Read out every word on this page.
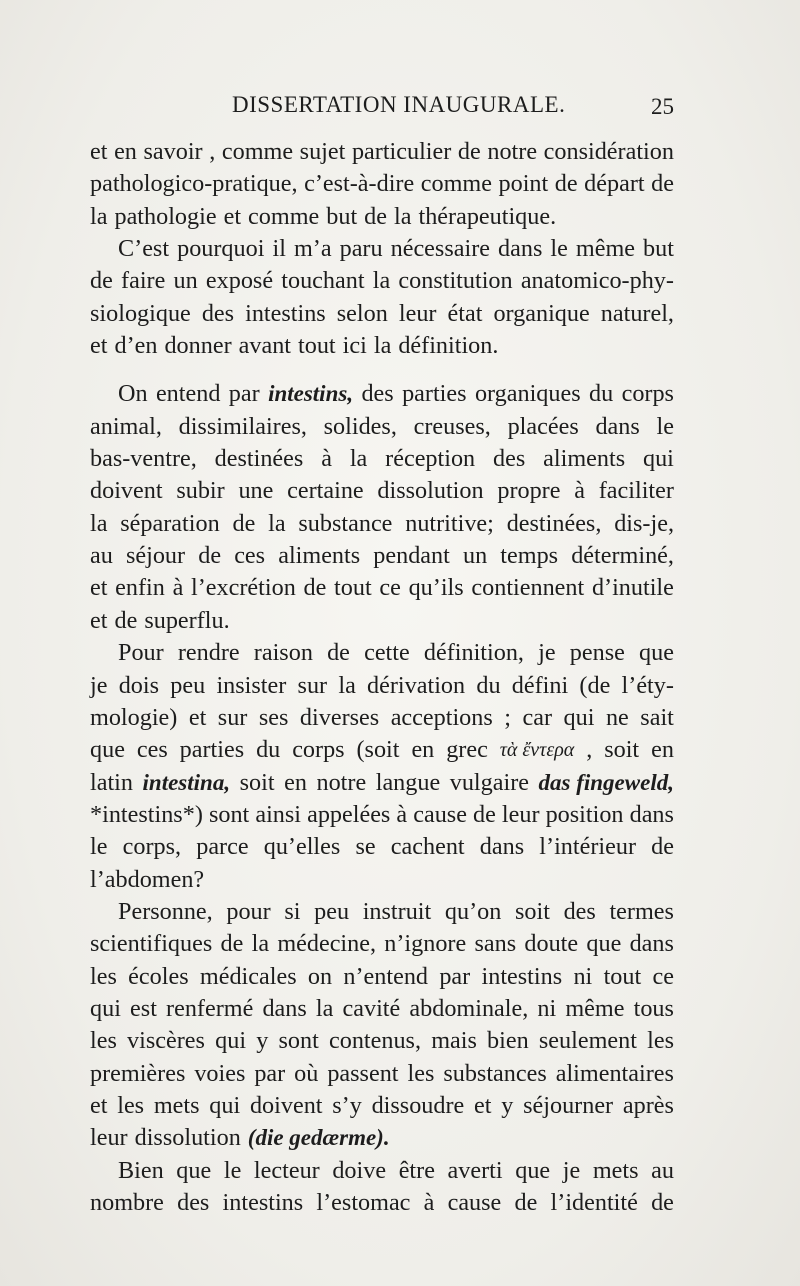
DISSERTATION INAUGURALE.	25
et en savoir , comme sujet particulier de notre considération
pathologico-pratique, c’est-à-dire comme point de départ de
la pathologie et comme but de la thérapeutique.
C’est pourquoi il m’a paru nécessaire dans le même but
de faire un exposé touchant la constitution anatomico-phy-
siologique des intestins selon leur état organique naturel,
et d’en donner avant tout ici la définition.
On entend par intestins, des parties organiques du corps
animal, dissimilaires, solides, creuses, placées dans le
bas-ventre, destinées à la réception des aliments qui
doivent subir une certaine dissolution propre à faciliter
la séparation de la substance nutritive; destinées, dis-je,
au séjour de ces aliments pendant un temps déterminé,
et enfin à l’excrétion de tout ce qu’ils contiennent d’inutile
et de superflu.
Pour rendre raison de cette définition, je pense que
je dois peu insister sur la dérivation du défini (de l’éty-
mologie) et sur ses diverses acceptions ; car qui ne sait
que ces parties du corps (soit en grec τὰ ἔντερα , soit en
latin intestina, soit en notre langue vulgaire das fingeweld,
*intestins*) sont ainsi appelées à cause de leur position dans
le corps, parce qu’elles se cachent dans l’intérieur de
l’abdomen?
Personne, pour si peu instruit qu’on soit des termes
scientifiques de la médecine, n’ignore sans doute que dans
les écoles médicales on n’entend par intestins ni tout ce
qui est renfermé dans la cavité abdominale, ni même tous
les viscères qui y sont contenus, mais bien seulement les
premières voies par où passent les substances alimentaires
et les mets qui doivent s’y dissoudre et y séjourner après
leur dissolution (die gedærme).
Bien que le lecteur doive être averti que je mets au
nombre des intestins l’estomac à cause de l’identité de
